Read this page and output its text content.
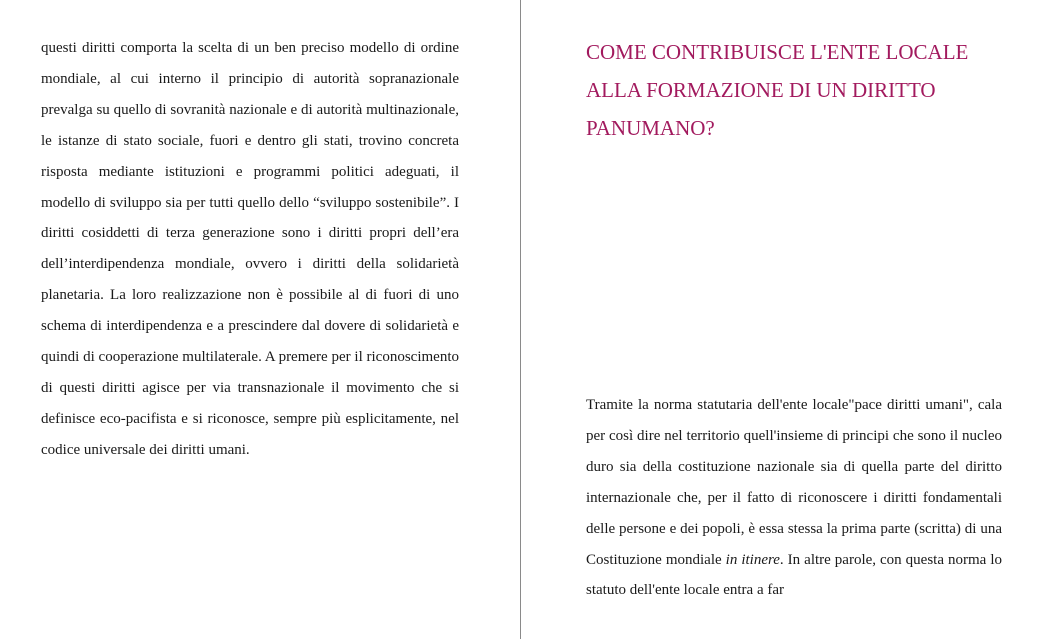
questi diritti comporta la scelta di un ben preciso modello di ordine mondiale, al cui interno il principio di autorità sopranazionale prevalga su quello di sovranità nazionale e di autorità multinazionale, le istanze di stato sociale, fuori e dentro gli stati, trovino concreta risposta mediante istituzioni e programmi politici adeguati, il modello di sviluppo sia per tutti quello dello “sviluppo sostenibile”. I diritti cosiddetti di terza generazione sono i diritti propri dell’era dell’interdipendenza mondiale, ovvero i diritti della solidarietà planetaria. La loro realizzazione non è possibile al di fuori di uno schema di interdipendenza e a prescindere dal dovere di solidarietà e quindi di cooperazione multilaterale. A premere per il riconoscimento di questi diritti agisce per via transnazionale il movimento che si definisce eco-pacifista e si riconosce, sempre più esplicitamente, nel codice universale dei diritti umani.

COME CONTRIBUISCE L'ENTE LOCALE ALLA FORMAZIONE DI UN DIRITTO PANUMANO?

Tramite la norma statutaria dell'ente locale"pace diritti umani", cala per così dire nel territorio quell'insieme di principi che sono il nucleo duro sia della costituzione nazionale sia di quella parte del diritto internazionale che, per il fatto di riconoscere i diritti fondamentali delle persone e dei popoli, è essa stessa la prima parte (scritta) di una Costituzione mondiale in itinere. In altre parole, con questa norma lo statuto dell'ente locale entra a far
